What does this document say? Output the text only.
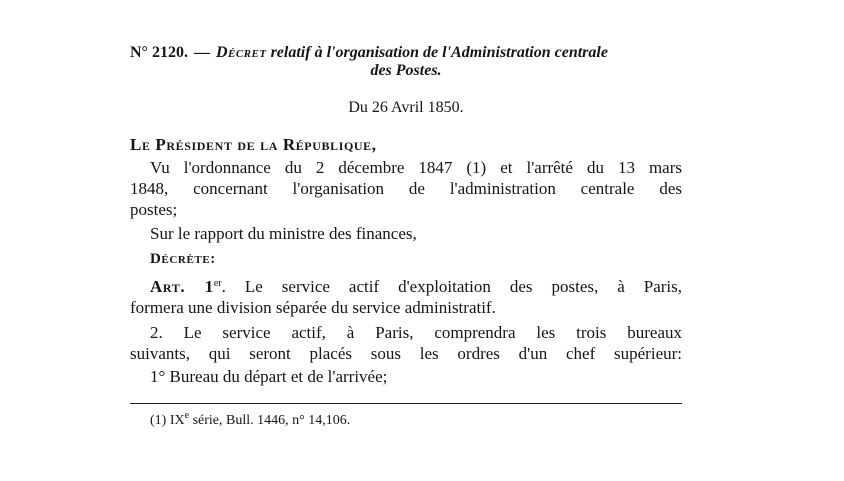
N° 2120. — Décret relatif à l'organisation de l'Administration centrale
des Postes.
Du 26 Avril 1850.
Le Président de la République,
Vu l'ordonnance du 2 décembre 1847 (1) et l'arrêté du 13 mars
1848, concernant l'organisation de l'administration centrale des
postes;
Sur le rapport du ministre des finances,
Décrète:
Art. 1er. Le service actif d'exploitation des postes, à Paris,
formera une division séparée du service administratif.
2. Le service actif, à Paris, comprendra les trois bureaux
suivants, qui seront placés sous les ordres d'un chef supérieur:
1° Bureau du départ et de l'arrivée;
(1) IXe série, Bull. 1446, n° 14,106.
